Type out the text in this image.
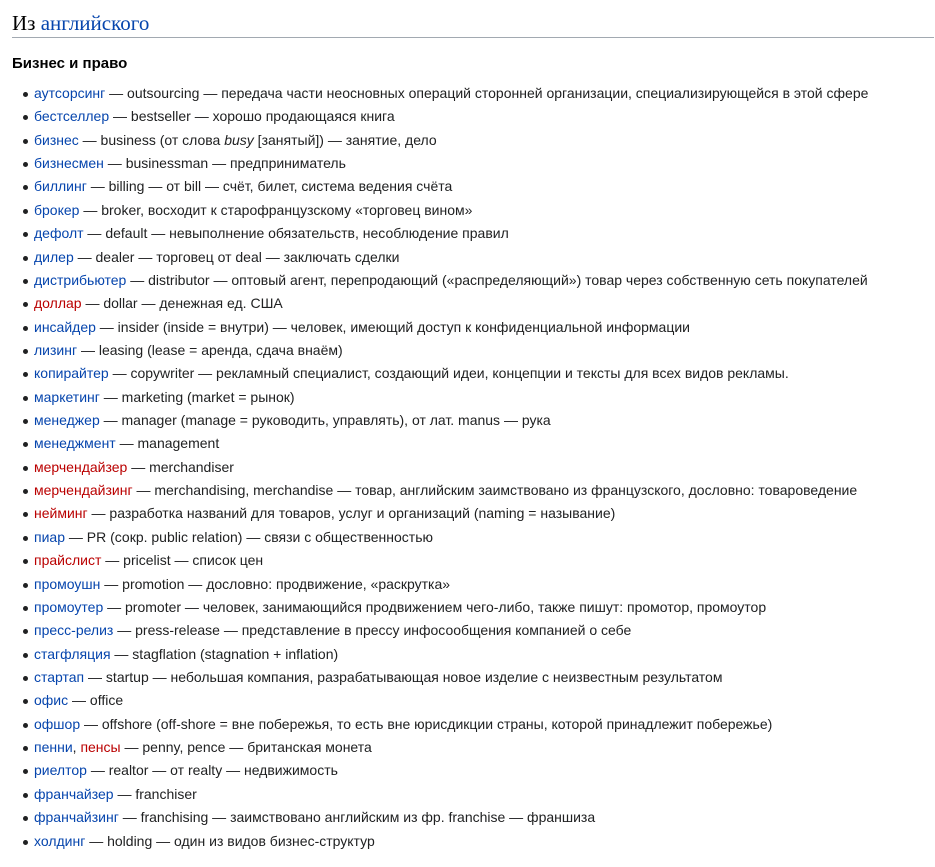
Из английского
Бизнес и право
аутсорсинг — outsourcing — передача части неосновных операций сторонней организации, специализирующейся в этой сфере
бестселлер — bestseller — хорошо продающаяся книга
бизнес — business (от слова busy [занятый]) — занятие, дело
бизнесмен — businessman — предприниматель
биллинг — billing — от bill — счёт, билет, система ведения счёта
брокер — broker, восходит к старофранцузскому «торговец вином»
дефолт — default — невыполнение обязательств, несоблюдение правил
дилер — dealer — торговец от deal — заключать сделки
дистрибьютер — distributor — оптовый агент, перепродающий («распределяющий») товар через собственную сеть покупателей
доллар — dollar — денежная ед. США
инсайдер — insider (inside = внутри) — человек, имеющий доступ к конфиденциальной информации
лизинг — leasing (lease = аренда, сдача внаём)
копирайтер — copywriter — рекламный специалист, создающий идеи, концепции и тексты для всех видов рекламы.
маркетинг — marketing (market = рынок)
менеджер — manager (manage = руководить, управлять), от лат. manus — рука
менеджмент — management
мерчендайзер — merchandiser
мерчендайзинг — merchandising, merchandise — товар, английским заимствовано из французского, дословно: товароведение
нейминг — разработка названий для товаров, услуг и организаций (naming = называние)
пиар — PR (сокр. public relation) — связи с общественностью
прайслист — pricelist — список цен
промоушн — promotion — дословно: продвижение, «раскрутка»
промоутер — promoter — человек, занимающийся продвижением чего-либо, также пишут: промотор, промоутор
пресс-релиз — press-release — представление в прессу инфосообщения компанией о себе
стагфляция — stagflation (stagnation + inflation)
стартап — startup — небольшая компания, разрабатывающая новое изделие с неизвестным результатом
офис — office
офшор — offshore (off-shore = вне побережья, то есть вне юрисдикции страны, которой принадлежит побережье)
пенни, пенсы — penny, pence — британская монета
риелтор — realtor — от realty — недвижимость
франчайзер — franchiser
франчайзинг — franchising — заимствовано английским из фр. franchise — франшиза
холдинг — holding — один из видов бизнес-структур
